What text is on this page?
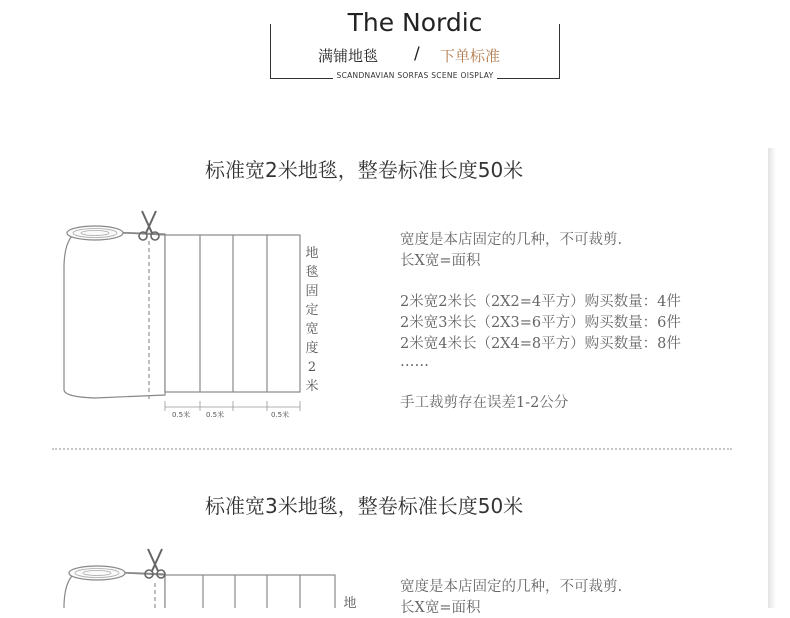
The Nordic
满铺地毯 / 下单标准
SCANDNAVIAN SORFAS SCENE OISPLAY
标准宽2米地毯，整卷标准长度50米
0.5米 0.5米	0.5米
地毯固定宽度2米
宽度是本店固定的几种，不可裁剪.
长X宽=面积
2米宽2米长（2X2=4平方）购买数量：4件
2米宽3米长（2X3=6平方）购买数量：6件
2米宽4米长（2X4=8平方）购买数量：8件
……
手工裁剪存在误差1-2公分
标准宽3米地毯，整卷标准长度50米
地
宽度是本店固定的几种，不可裁剪.
长X宽=面积
